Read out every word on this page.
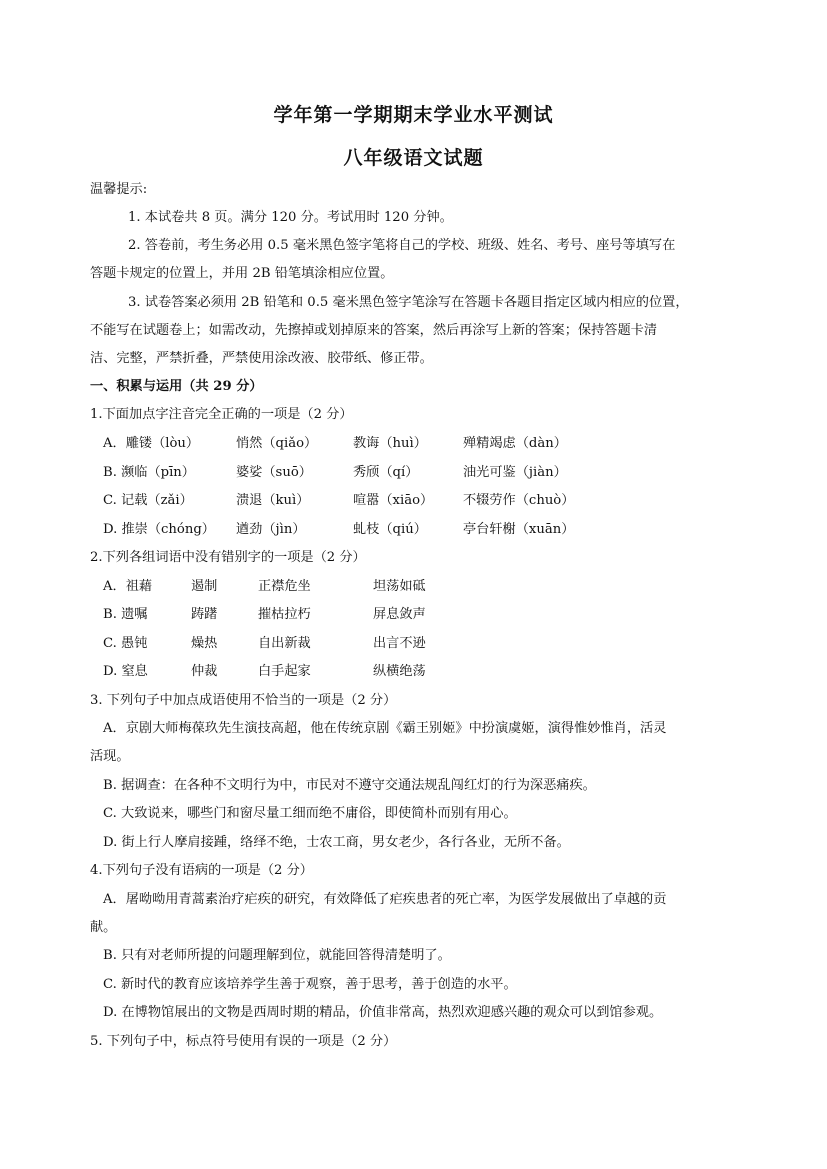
学年第一学期期末学业水平测试
八年级语文试题
温馨提示:
1. 本试卷共 8 页。满分 120 分。考试用时 120 分钟。
2. 答卷前，考生务必用 0.5 毫米黑色签字笔将自己的学校、班级、姓名、考号、座号等填写在
答题卡规定的位置上，并用 2B 铅笔填涂相应位置。
3. 试卷答案必须用 2B 铅笔和 0.5 毫米黑色签字笔涂写在答题卡各题目指定区域内相应的位置，
不能写在试题卷上；如需改动，先擦掉或划掉原来的答案，然后再涂写上新的答案；保持答题卡清
洁、完整，严禁折叠，严禁使用涂改液、胶带纸、修正带。
一、积累与运用（共 29 分）
1.下面加点字注音完全正确的一项是（2 分）
A．雕镂（lòu）	悄然（qiǎo）	教诲（huì）	殚精竭虑（dàn）
B. 濒临（pīn）	婆娑（suō）	秀颀（qí）	油光可鉴（jiàn）
C. 记载（zǎi）	溃退（kuì）	喧嚣（xiāo） 不辍劳作（chuò）
D. 推崇（chóng） 遒劲（jìn）	虬枝（qiú）	亭台轩榭（xuān）
2.下列各组词语中没有错别字的一项是（2 分）
A．祖藉	遏制	正襟危坐	坦荡如砥
B. 遗嘱	踌躇	摧枯拉朽	屏息敛声
C. 愚钝	燥热	自出新裁	出言不逊
D. 窒息	仲裁	白手起家	纵横绝荡
3. 下列句子中加点成语使用不恰当的一项是（2 分）
A．京剧大师梅葆玖先生演技高超，他在传统京剧《霸王别姬》中扮演虞姬，演得惟妙惟肖，活灵
活现。
B. 据调查：在各种不文明行为中，市民对不遵守交通法规乱闯红灯的行为深恶痛疾。
C. 大致说来，哪些门和窗尽量工细而绝不庸俗，即使简朴而别有用心。
D. 街上行人摩肩接踵，络绎不绝，士农工商，男女老少，各行各业，无所不备。
4.下列句子没有语病的一项是（2 分）
A．屠呦呦用青蒿素治疗疟疾的研究，有效降低了疟疾患者的死亡率，为医学发展做出了卓越的贡
献。
B. 只有对老师所提的问题理解到位，就能回答得清楚明了。
C. 新时代的教育应该培养学生善于观察，善于思考，善于创造的水平。
D. 在博物馆展出的文物是西周时期的精品，价值非常高，热烈欢迎感兴趣的观众可以到馆参观。
5. 下列句子中，标点符号使用有误的一项是（2 分）
